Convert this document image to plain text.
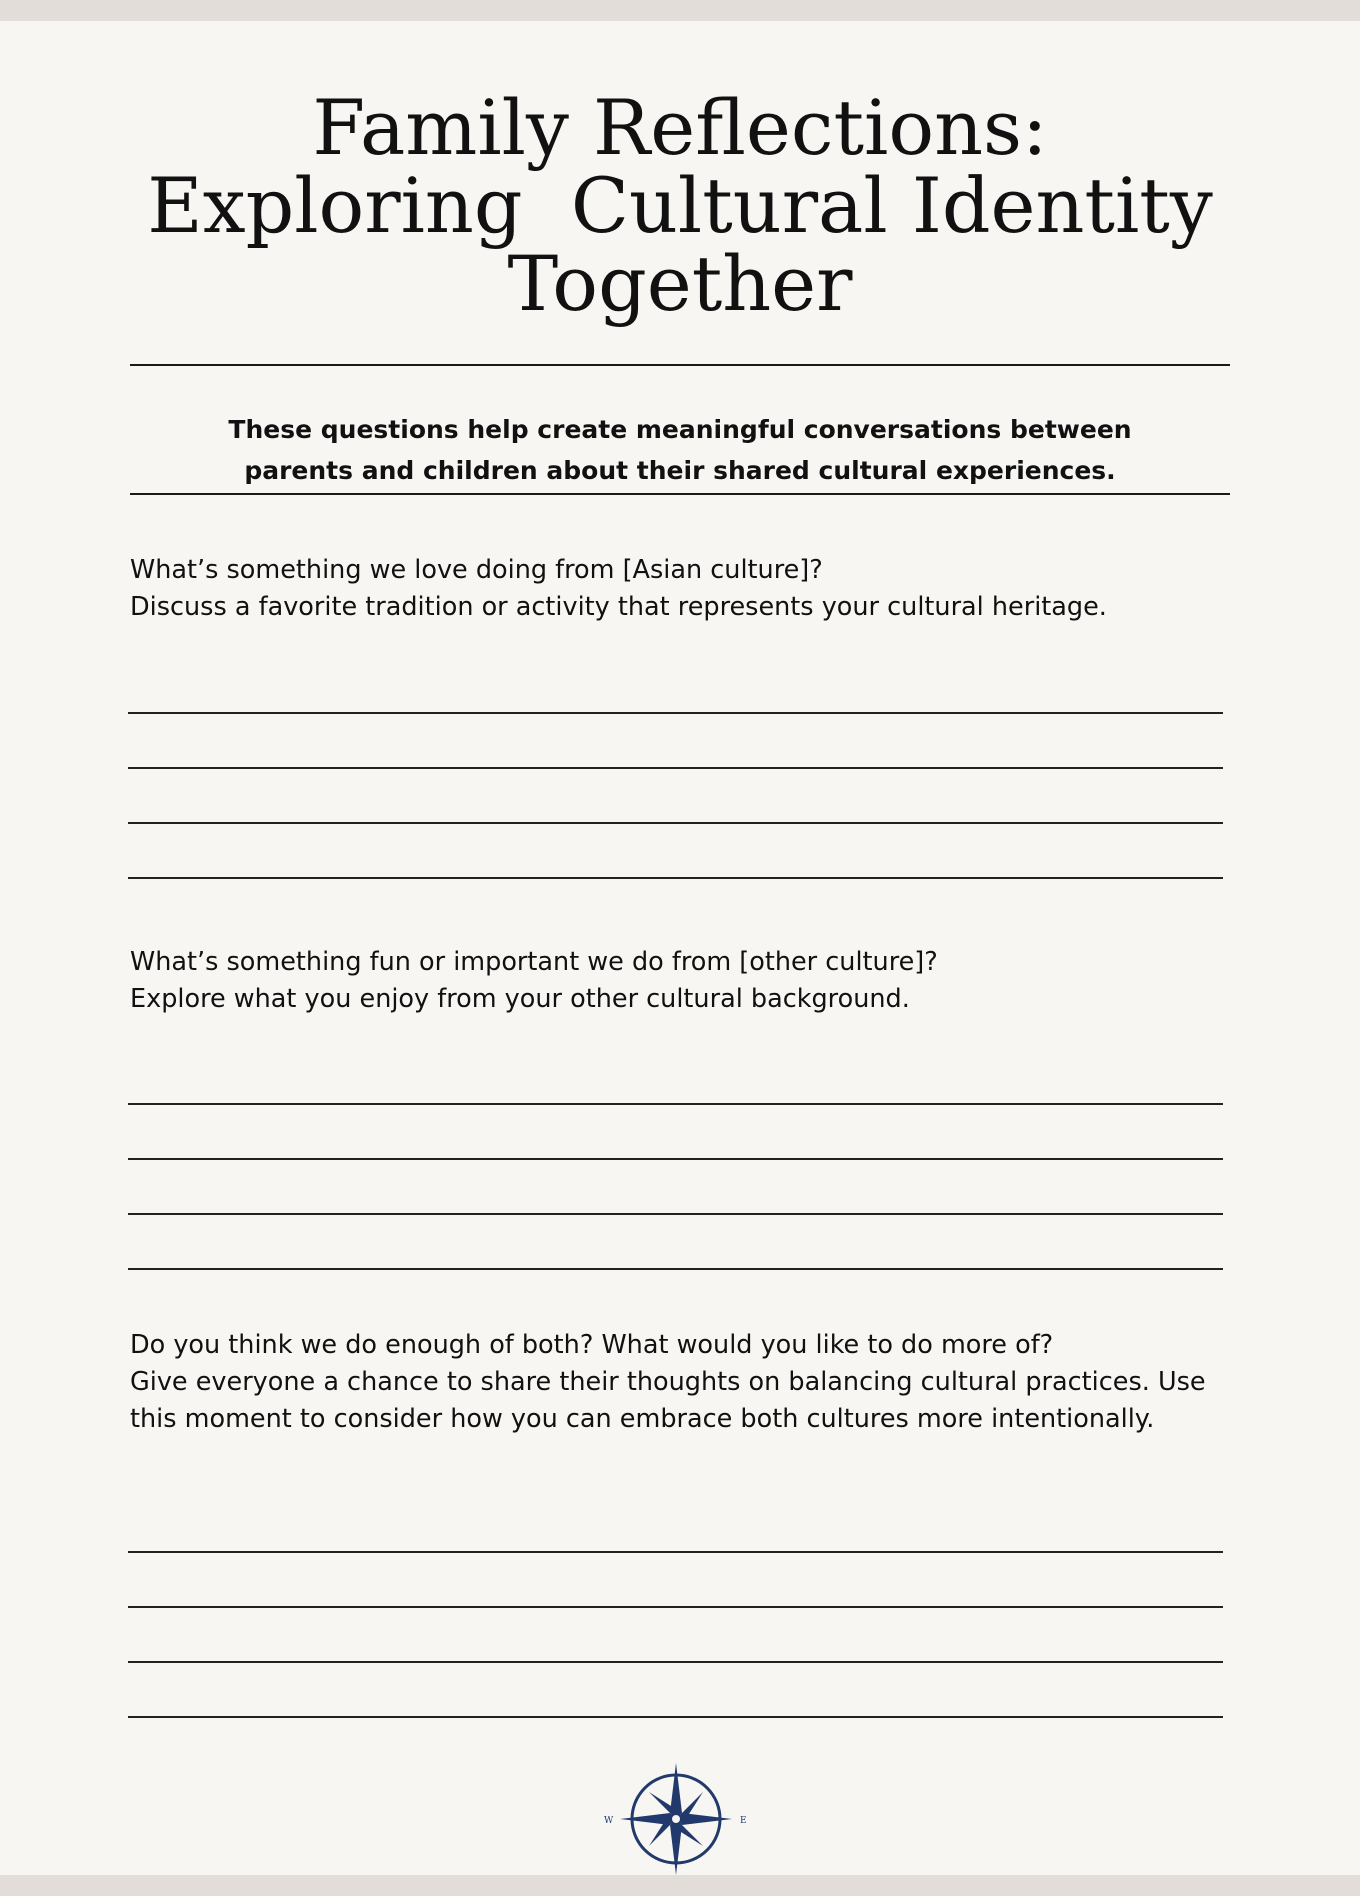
Family Reflections:
Exploring  Cultural Identity
Together

These questions help create meaningful conversations between
parents and children about their shared cultural experiences.

What’s something we love doing from [Asian culture]?

Discuss a favorite tradition or activity that represents your cultural heritage.

What’s something fun or important we do from [other culture]?

Explore what you enjoy from your other cultural background.

Do you think we do enough of both? What would you like to do more of?

Give everyone a chance to share their thoughts on balancing cultural practices. Use this moment to consider how you can embrace both cultures more intentionally.

W	E
